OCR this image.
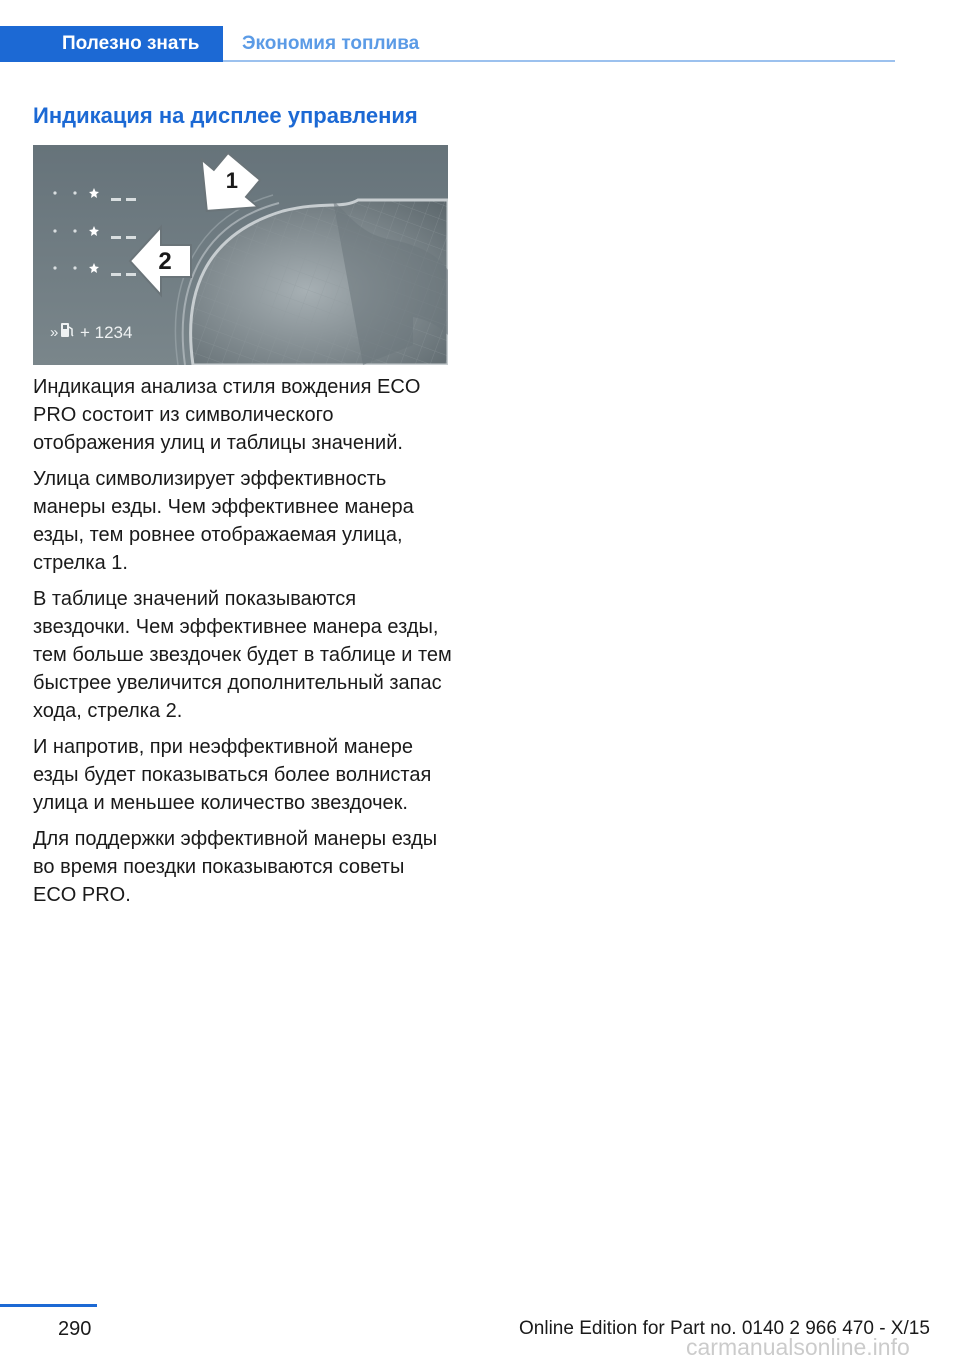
Полезно знать Экономия топлива
Индикация на дисплее управления
1
2
» + 1234

Индикация анализа стиля вождения ECO PRO состоит из символического отображения улиц и таблицы значений.

Улица символизирует эффективность манеры езды. Чем эффективнее манера езды, тем ровнее отображаемая улица, стрелка 1.

В таблице значений показываются звездочки. Чем эффективнее манера езды, тем больше звездочек будет в таблице и тем быстрее увеличится дополнительный запас хода, стрелка 2.

И напротив, при неэффективной манере езды будет показываться более волнистая улица и меньшее количество звездочек.

Для поддержки эффективной манеры езды во время поездки показываются советы ECO PRO.

290	Online Edition for Part no. 0140 2 966 470 - X/15
carmanualsonline.info
